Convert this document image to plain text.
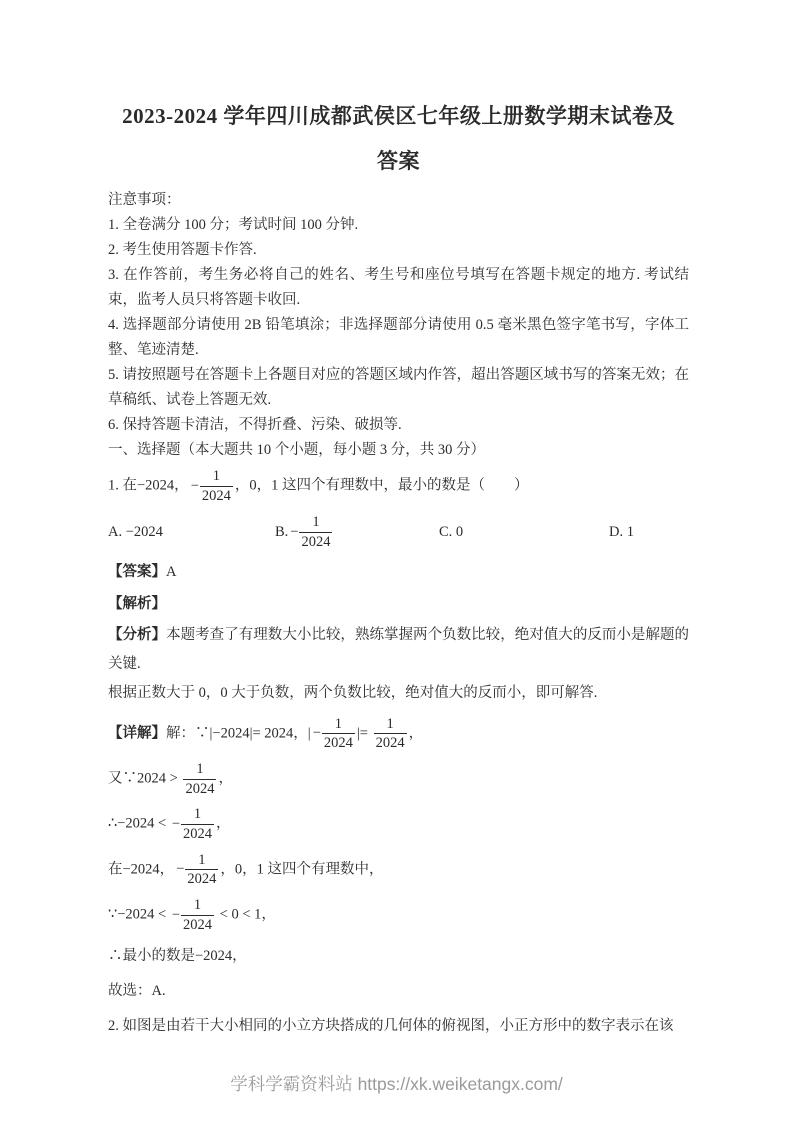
2023-2024 学年四川成都武侯区七年级上册数学期末试卷及
答案

注意事项：

1. 全卷满分 100 分；考试时间 100 分钟.

2. 考生使用答题卡作答.

3. 在作答前，考生务必将自己的姓名、考生号和座位号填写在答题卡规定的地方. 考试结束，监考人员只将答题卡收回.

4. 选择题部分请使用 2B 铅笔填涂；非选择题部分请使用 0.5 毫米黑色签字笔书写，字体工整、笔迹清楚.

5. 请按照题号在答题卡上各题目对应的答题区域内作答，超出答题区域书写的答案无效；在草稿纸、试卷上答题无效.

6. 保持答题卡清洁，不得折叠、污染、破损等.

一、选择题（本大题共 10 个小题，每小题 3 分，共 30 分）

1. 在−2024， − $\frac{1}{2024}$ ，0，1 这四个有理数中，最小的数是（　　）
A. −2024	B. − $\frac{1}{2024}$	C. 0	D. 1
【答案】A
【解析】

【分析】本题考查了有理数大小比较，熟练掌握两个负数比较，绝对值大的反而小是解题的关键.

根据正数大于 0，0 大于负数，两个负数比较，绝对值大的反而小，即可解答.

【详解】解：∵|−2024|= 2024，| − $\frac{1}{2024}$ |= $\frac{1}{2024}$ ，
又∵2024 > $\frac{1}{2024}$ ，
∴−2024 < − $\frac{1}{2024}$ ，
在−2024， − $\frac{1}{2024}$ ，0，1 这四个有理数中，
∵−2024 < − $\frac{1}{2024} < 0 < 1$，
∴最小的数是−2024，
故选：A.

2. 如图是由若干大小相同的小立方块搭成的几何体的俯视图，小正方形中的数字表示在该

学科学霸资料站 https://xk.weiketangx.com/
